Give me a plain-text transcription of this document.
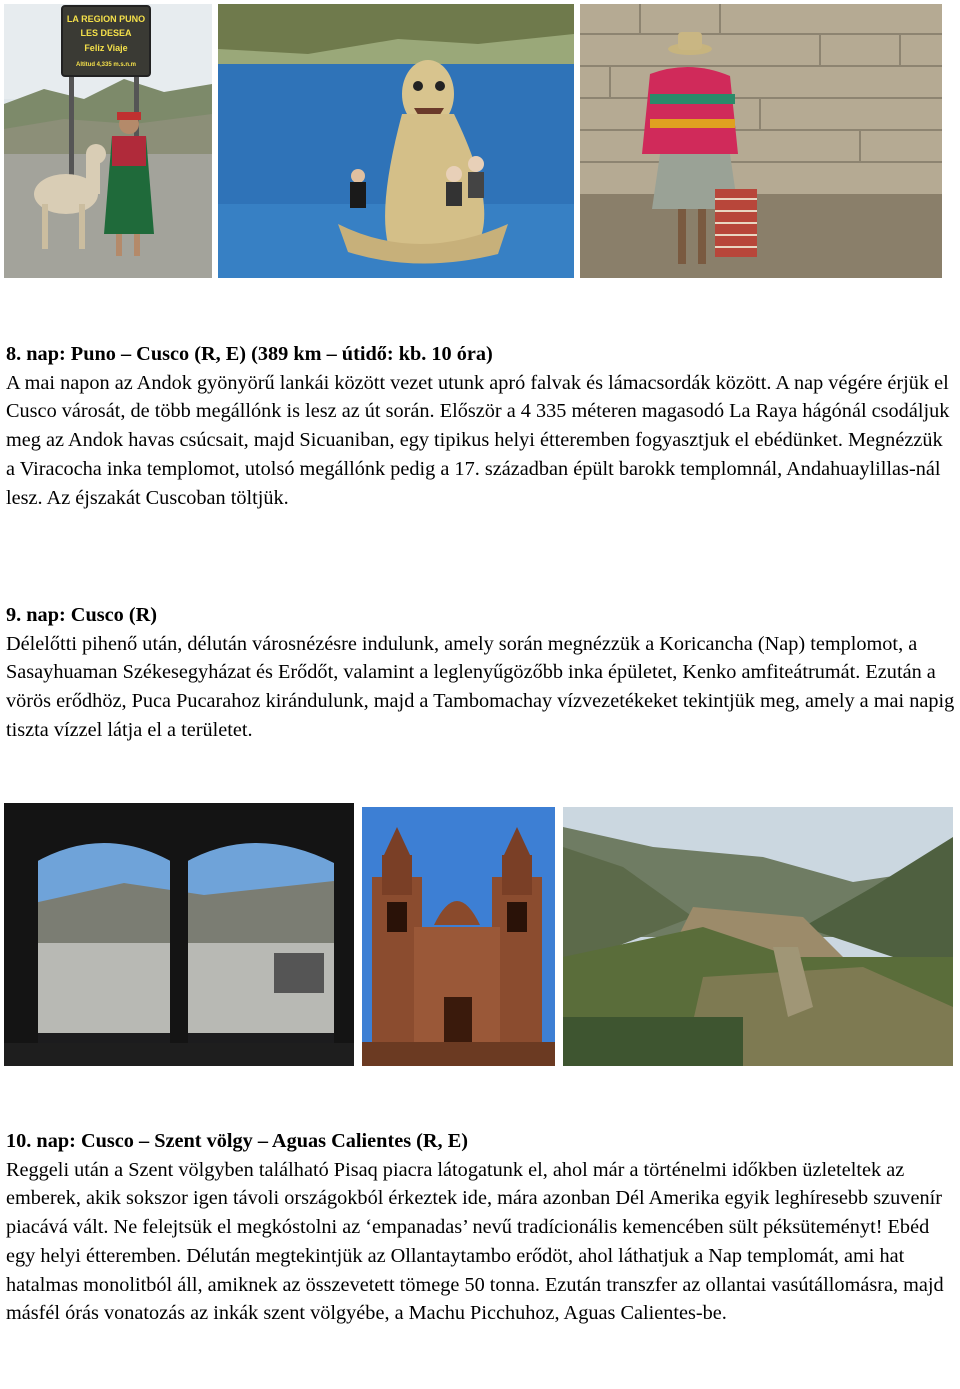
LA REGION PUNO
LES DESEA
Feliz Viaje
Altitud 4,335 m.s.n.m
8. nap: Puno – Cusco (R, E) (389 km – útidő: kb. 10 óra)

A mai napon az Andok gyönyörű lankái között vezet utunk apró falvak és lámacsordák között. A nap végére érjük el Cusco városát, de több megállónk is lesz az út során. Először a 4 335 méteren magasodó La Raya hágónál csodáljuk meg az Andok havas csúcsait, majd Sicuaniban, egy tipikus helyi étteremben fogyasztjuk el ebédünket. Megnézzük a Viracocha inka templomot, utolsó megállónk pedig a 17. században épült barokk templomnál, Andahuaylillas-nál lesz. Az éjszakát Cuscoban töltjük.

9. nap: Cusco (R)

Délelőtti pihenő után, délután városnézésre indulunk, amely során megnézzük a Koricancha (Nap) templomot, a Sasayhuaman Székesegyházat és Erődőt, valamint a leglenyűgözőbb inka épületet, Kenko amfiteátrumát. Ezután a vörös erődhöz, Puca Pucarahoz kirándulunk, majd a Tambomachay vízvezetékeket tekintjük meg, amely a mai napig tiszta vízzel látja el a területet.

10. nap: Cusco – Szent völgy – Aguas Calientes (R, E)

Reggeli után a Szent völgyben található Pisaq piacra látogatunk el, ahol már a történelmi időkben üzleteltek az emberek, akik sokszor igen távoli országokból érkeztek ide, mára azonban Dél Amerika egyik leghíresebb szuvenír piacává vált. Ne felejtsük el megkóstolni az ‘empanadas’ nevű tradícionális kemencében sült péksüteményt! Ebéd egy helyi étteremben. Délután megtekintjük az Ollantaytambo erődöt, ahol láthatjuk a Nap templomát, ami hat hatalmas monolitból áll, amiknek az összevetett tömege 50 tonna. Ezután transzfer az ollantai vasútállomásra, majd másfél órás vonatozás az inkák szent völgyébe, a Machu Picchuhoz, Aguas Calientes-be.
